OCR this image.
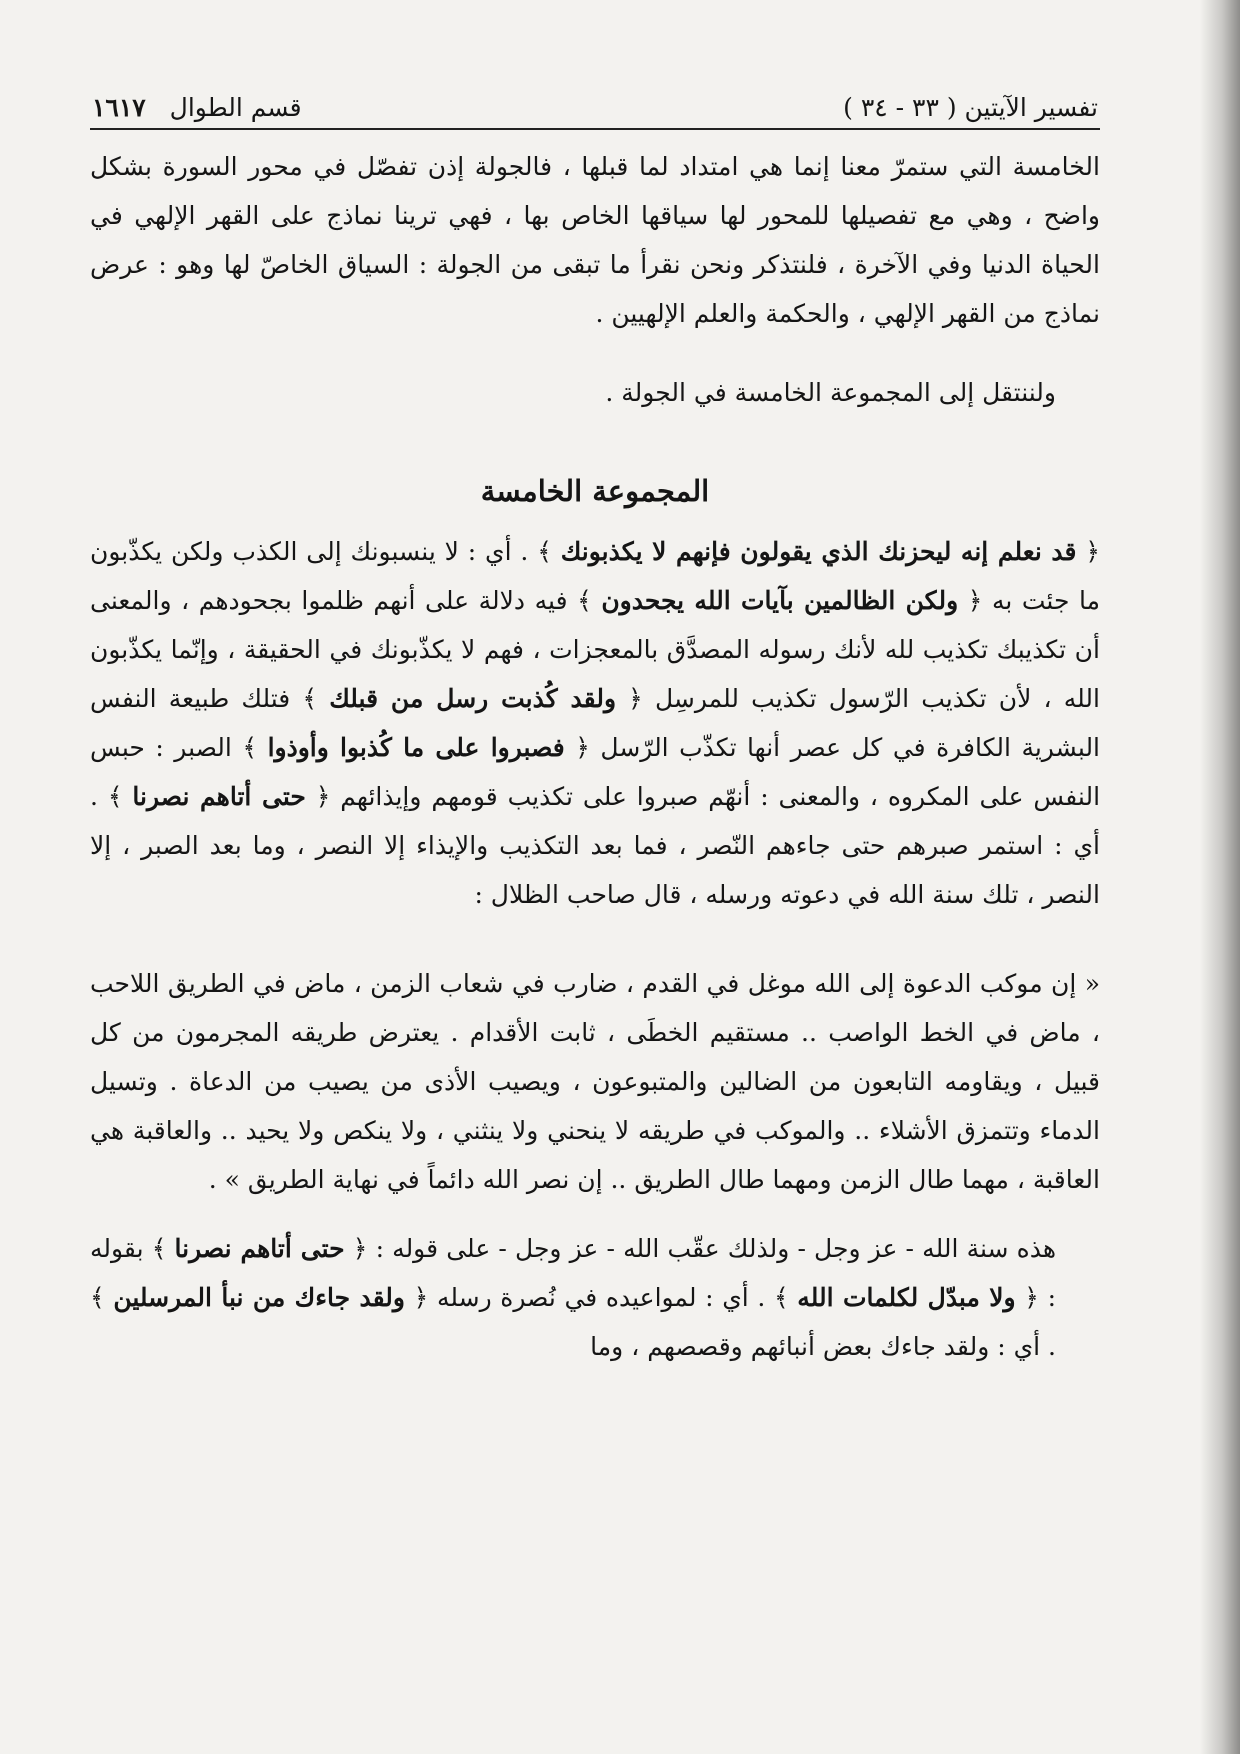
تفسير الآيتين ( ٣٣ - ٣٤ )
قسم الطوال ١٦١٧

الخامسة التي ستمرّ معنا إنما هي امتداد لما قبلها ، فالجولة إذن تفصّل في محور السورة بشكل واضح ، وهي مع تفصيلها للمحور لها سياقها الخاص بها ، فهي ترينا نماذج على القهر الإلهي في الحياة الدنيا وفي الآخرة ، فلنتذكر ونحن نقرأ ما تبقى من الجولة : السياق الخاصّ لها وهو : عرض نماذج من القهر الإلهي ، والحكمة والعلم الإلهيين .

ولننتقل إلى المجموعة الخامسة في الجولة .

المجموعة الخامسة

﴿ قد نعلم إنه ليحزنك الذي يقولون فإنهم لا يكذبونك ﴾ . أي : لا ينسبونك إلى الكذب ولكن يكذّبون ما جئت به ﴿ ولكن الظالمين بآيات الله يجحدون ﴾ فيه دلالة على أنهم ظلموا بجحودهم ، والمعنى أن تكذيبك تكذيب لله لأنك رسوله المصدَّق بالمعجزات ، فهم لا يكذّبونك في الحقيقة ، وإنّما يكذّبون الله ، لأن تكذيب الرّسول تكذيب للمرسِل ﴿ ولقد كُذبت رسل من قبلك ﴾ فتلك طبيعة النفس البشرية الكافرة في كل عصر أنها تكذّب الرّسل ﴿ فصبروا على ما كُذبوا وأوذوا ﴾ الصبر : حبس النفس على المكروه ، والمعنى : أنهّم صبروا على تكذيب قومهم وإيذائهم ﴿ حتى أتاهم نصرنا ﴾ . أي : استمر صبرهم حتى جاءهم النّصر ، فما بعد التكذيب والإيذاء إلا النصر ، وما بعد الصبر ، إلا النصر ، تلك سنة الله في دعوته ورسله ، قال صاحب الظلال :

« إن موكب الدعوة إلى الله موغل في القدم ، ضارب في شعاب الزمن ، ماض في الطريق اللاحب ، ماض في الخط الواصب .. مستقيم الخطَى ، ثابت الأقدام . يعترض طريقه المجرمون من كل قبيل ، ويقاومه التابعون من الضالين والمتبوعون ، ويصيب الأذى من يصيب من الدعاة . وتسيل الدماء وتتمزق الأشلاء .. والموكب في طريقه لا ينحني ولا ينثني ، ولا ينكص ولا يحيد .. والعاقبة هي العاقبة ، مهما طال الزمن ومهما طال الطريق .. إن نصر الله دائماً في نهاية الطريق » .

هذه سنة الله - عز وجل - ولذلك عقّب الله - عز وجل - على قوله : ﴿ حتى أتاهم نصرنا ﴾ بقوله : ﴿ ولا مبدّل لكلمات الله ﴾ . أي : لمواعيده في نُصرة رسله ﴿ ولقد جاءك من نبأ المرسلين ﴾ . أي : ولقد جاءك بعض أنبائهم وقصصهم ، وما
